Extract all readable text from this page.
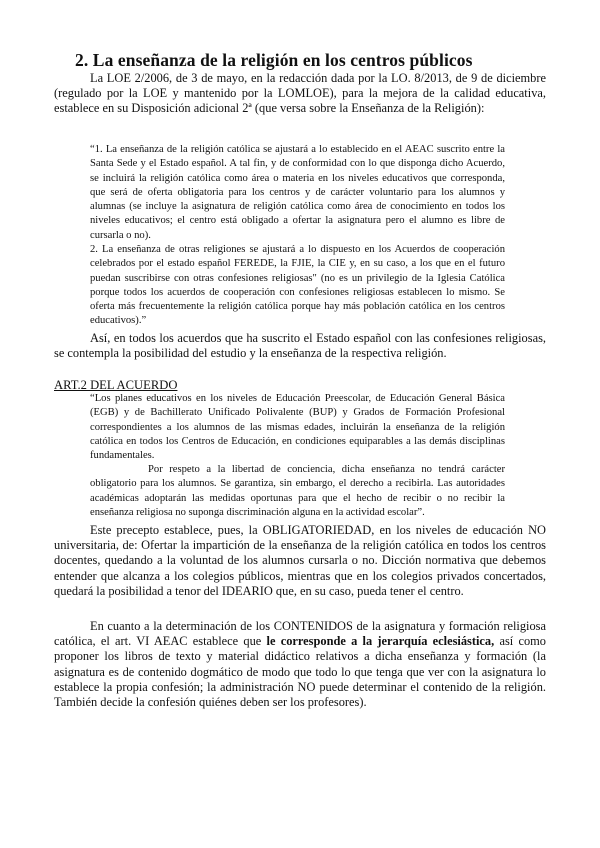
2. La enseñanza de la religión en los centros públicos

La LOE 2/2006, de 3 de mayo, en la redacción dada por la LO. 8/2013, de 9 de diciembre (regulado por la LOE y mantenido por la LOMLOE), para la mejora de la calidad educativa, establece en su Disposición adicional 2ª (que versa sobre la Enseñanza de la Religión):

“1. La enseñanza de la religión católica se ajustará a lo establecido en el AEAC suscrito entre la Santa Sede y el Estado español. A tal fin, y de conformidad con lo que disponga dicho Acuerdo, se incluirá la religión católica como área o materia en los niveles educativos que corresponda, que será de oferta obligatoria para los centros y de carácter voluntario para los alumnos y alumnas (se incluye la asignatura de religión católica como área de conocimiento en todos los niveles educativos; el centro está obligado a ofertar la asignatura pero el alumno es libre de cursarla o no).

2. La enseñanza de otras religiones se ajustará a lo dispuesto en los Acuerdos de cooperación celebrados por el estado español FEREDE, la FJIE, la CIE y, en su caso, a los que en el futuro puedan suscribirse con otras confesiones religiosas" (no es un privilegio de la Iglesia Católica porque todos los acuerdos de cooperación con confesiones religiosas establecen lo mismo. Se oferta más frecuentemente la religión católica porque hay más población católica en los centros educativos).”

Así, en todos los acuerdos que ha suscrito el Estado español con las confesiones religiosas, se contempla la posibilidad del estudio y la enseñanza de la respectiva religión.

ART.2 DEL ACUERDO

“Los planes educativos en los niveles de Educación Preescolar, de Educación General Básica (EGB) y de Bachillerato Unificado Polivalente (BUP) y Grados de Formación Profesional correspondientes a los alumnos de las mismas edades, incluirán la enseñanza de la religión católica en todos los Centros de Educación, en condiciones equiparables a las demás disciplinas fundamentales.

Por respeto a la libertad de conciencia, dicha enseñanza no tendrá carácter obligatorio para los alumnos. Se garantiza, sin embargo, el derecho a recibirla. Las autoridades académicas adoptarán las medidas oportunas para que el hecho de recibir o no recibir la enseñanza religiosa no suponga discriminación alguna en la actividad escolar”.

Este precepto establece, pues, la OBLIGATORIEDAD, en los niveles de educación NO universitaria, de: Ofertar la impartición de la enseñanza de la religión católica en todos los centros docentes, quedando a la voluntad de los alumnos cursarla o no. Dicción normativa que debemos entender que alcanza a los colegios públicos, mientras que en los colegios privados concertados, quedará la posibilidad a tenor del IDEARIO que, en su caso, pueda tener el centro.

En cuanto a la determinación de los CONTENIDOS de la asignatura y formación religiosa católica, el art. VI AEAC establece que le corresponde a la jerarquía eclesiástica, así como proponer los libros de texto y material didáctico relativos a dicha enseñanza y formación (la asignatura es de contenido dogmático de modo que todo lo que tenga que ver con la asignatura lo establece la propia confesión; la administración NO puede determinar el contenido de la religión. También decide la confesión quiénes deben ser los profesores).
